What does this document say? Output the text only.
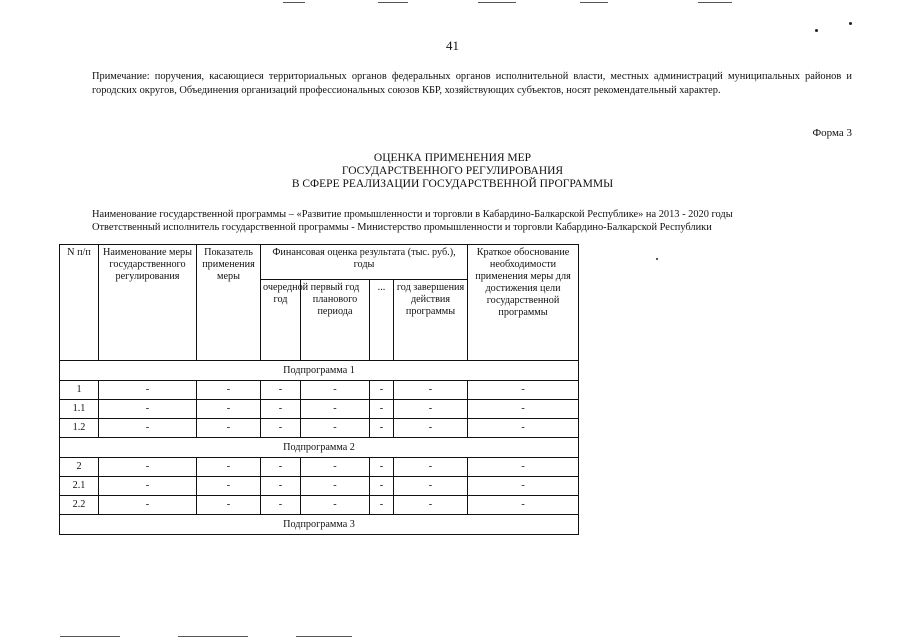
41
Примечание: поручения, касающиеся территориальных органов федеральных органов исполнительной власти, местных администраций муниципальных районов и городских округов, Объединения организаций профессиональных союзов КБР, хозяйствующих субъектов, носят рекомендательный характер.
Форма 3
ОЦЕНКА ПРИМЕНЕНИЯ МЕР
ГОСУДАРСТВЕННОГО РЕГУЛИРОВАНИЯ
В СФЕРЕ РЕАЛИЗАЦИИ ГОСУДАРСТВЕННОЙ ПРОГРАММЫ
Наименование государственной программы – «Развитие промышленности и торговли в Кабардино-Балкарской Республике» на 2013 - 2020 годы
Ответственный исполнитель государственной программы - Министерство промышленности и торговли Кабардино-Балкарской Республики
N п/п	Наименование меры государственного регулирования	Показатель применения меры	Финансовая оценка результата (тыс. руб.), годы				Краткое обоснование необходимости применения меры для достижения цели государственной программы
			очередной год	первый год планового периода	...	год завершения действия программы	
Подпрограмма 1							
1	-	-	-	-	-	-	-
1.1	-	-	-	-	-	-	-
1.2	-	-	-	-	-	-	-
Подпрограмма 2							
2	-	-	-	-	-	-	-
2.1	-	-	-	-	-	-	-
2.2	-	-	-	-	-	-	-
Подпрограмма 3							
